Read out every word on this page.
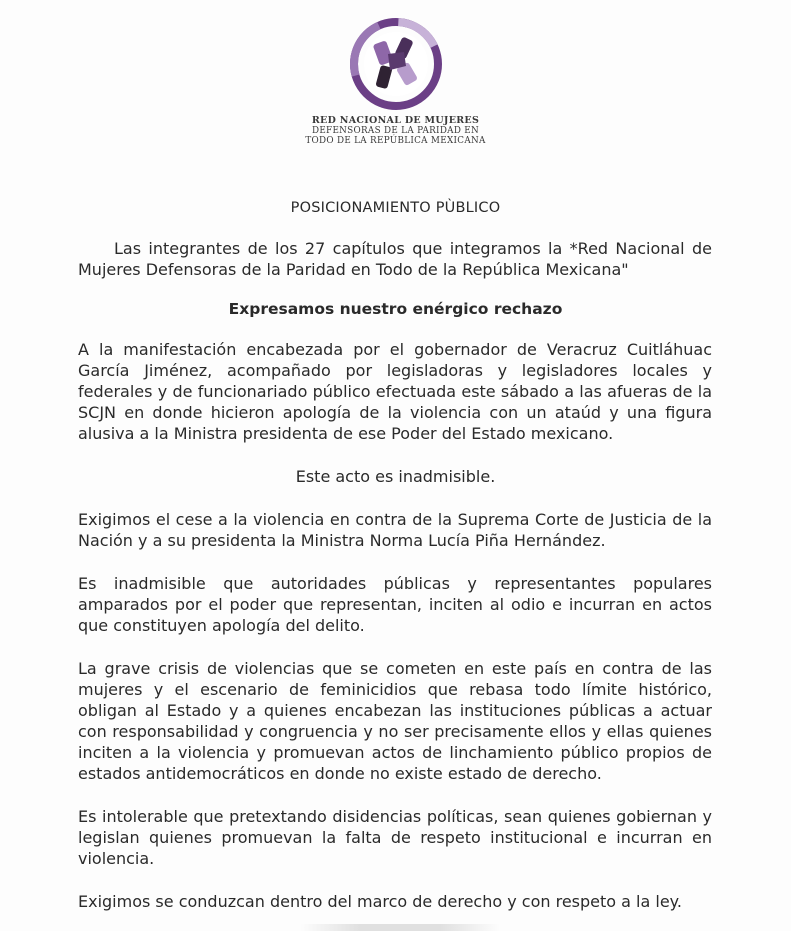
RED NACIONAL DE MUJERES
DEFENSORAS DE LA PARIDAD EN
TODO DE LA REPÚBLICA MEXICANA
POSICIONAMIENTO PÙBLICO
Las integrantes de los 27 capítulos que integramos la *Red Nacional de Mujeres Defensoras de la Paridad en Todo de la República Mexicana"
Expresamos nuestro enérgico rechazo
A la manifestación encabezada por el gobernador de Veracruz Cuitláhuac García Jiménez, acompañado por legisladoras y legisladores locales y federales y de funcionariado público efectuada este sábado a las afueras de la SCJN en donde hicieron apología de la violencia con un ataúd y una figura alusiva a la Ministra presidenta de ese Poder del Estado mexicano.
Este acto es inadmisible.
Exigimos el cese a la violencia en contra de la Suprema Corte de Justicia de la Nación y a su presidenta la Ministra Norma Lucía Piña Hernández.
Es inadmisible que autoridades públicas y representantes populares amparados por el poder que representan, inciten al odio e incurran en actos que constituyen apología del delito.
La grave crisis de violencias que se cometen en este país en contra de las mujeres y el escenario de feminicidios que rebasa todo límite histórico, obligan al Estado y a quienes encabezan las instituciones públicas a actuar con responsabilidad y congruencia y no ser precisamente ellos y ellas quienes inciten a la violencia y promuevan actos de linchamiento público propios de estados antidemocráticos en donde no existe estado de derecho.
Es intolerable que pretextando disidencias políticas, sean quienes gobiernan y legislan quienes promuevan la falta de respeto institucional e incurran en violencia.
Exigimos se conduzcan dentro del marco de derecho y con respeto a la ley.
